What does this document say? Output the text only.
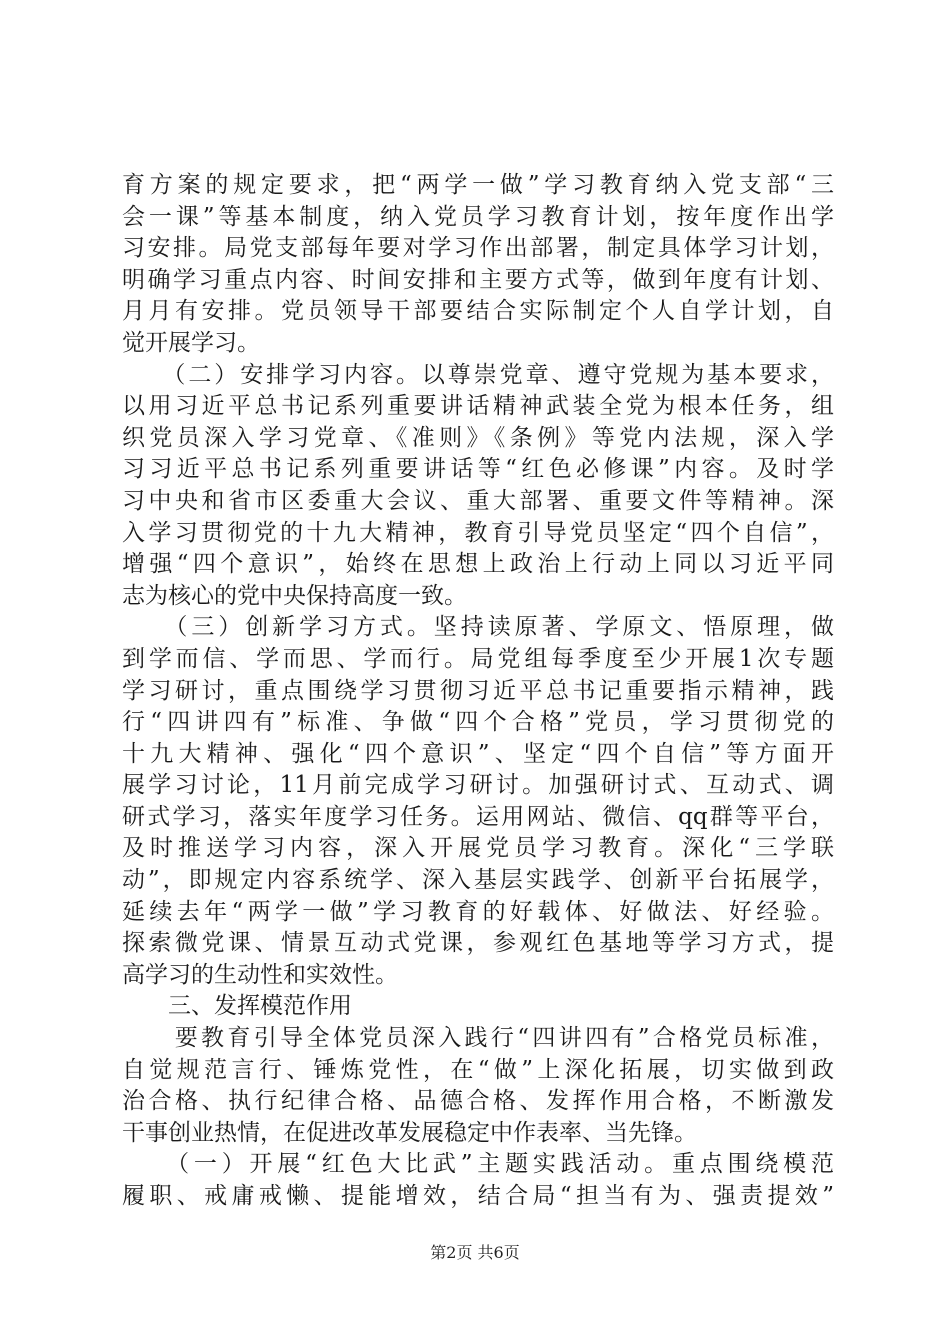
育方案的规定要求，把“两学一做”学习教育纳入党支部“三
会一课”等基本制度，纳入党员学习教育计划，按年度作出学
习安排。局党支部每年要对学习作出部署，制定具体学习计划，
明确学习重点内容、时间安排和主要方式等，做到年度有计划、
月月有安排。党员领导干部要结合实际制定个人自学计划，自
觉开展学习。
　　（二）安排学习内容。以尊崇党章、遵守党规为基本要求，
以用习近平总书记系列重要讲话精神武装全党为根本任务，组
织党员深入学习党章、《准则》《条例》等党内法规，深入学
习习近平总书记系列重要讲话等“红色必修课”内容。及时学
习中央和省市区委重大会议、重大部署、重要文件等精神。深
入学习贯彻党的十九大精神，教育引导党员坚定“四个自信”，
增强“四个意识”，始终在思想上政治上行动上同以习近平同
志为核心的党中央保持高度一致。
　　（三）创新学习方式。坚持读原著、学原文、悟原理，做
到学而信、学而思、学而行。局党组每季度至少开展1次专题
学习研讨，重点围绕学习贯彻习近平总书记重要指示精神，践
行“四讲四有”标准、争做“四个合格”党员，学习贯彻党的
十九大精神、强化“四个意识”、坚定“四个自信”等方面开
展学习讨论，11月前完成学习研讨。加强研讨式、互动式、调
研式学习，落实年度学习任务。运用网站、微信、qq群等平台，
及时推送学习内容，深入开展党员学习教育。深化“三学联
动”，即规定内容系统学、深入基层实践学、创新平台拓展学，
延续去年“两学一做”学习教育的好载体、好做法、好经验。
探索微党课、情景互动式党课，参观红色基地等学习方式，提
高学习的生动性和实效性。
　　三、发挥模范作用
　　要教育引导全体党员深入践行“四讲四有”合格党员标准，
自觉规范言行、锤炼党性，在“做”上深化拓展，切实做到政
治合格、执行纪律合格、品德合格、发挥作用合格，不断激发
干事创业热情，在促进改革发展稳定中作表率、当先锋。
　　（一）开展“红色大比武”主题实践活动。重点围绕模范
履职、戒庸戒懒、提能增效，结合局“担当有为、强责提效”
第2页 共6页
